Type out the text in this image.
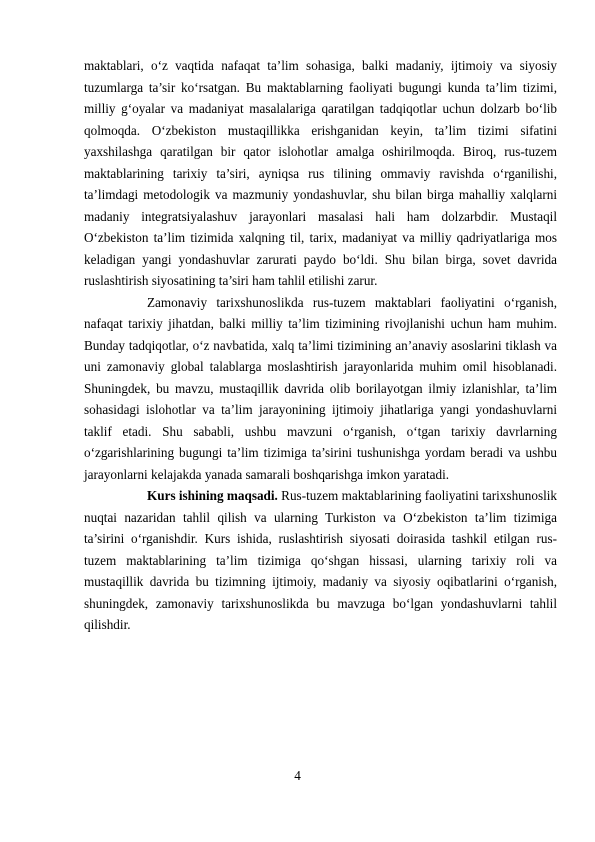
maktablari, o‘z vaqtida nafaqat ta’lim sohasiga, balki madaniy, ijtimoiy va siyosiy tuzumlarga ta’sir ko‘rsatgan. Bu maktablarning faoliyati bugungi kunda ta’lim tizimi, milliy g‘oyalar va madaniyat masalalariga qaratilgan tadqiqotlar uchun dolzarb bo‘lib qolmoqda. O‘zbekiston mustaqillikka erishganidan keyin, ta’lim tizimi sifatini yaxshilashga qaratilgan bir qator islohotlar amalga oshirilmoqda. Biroq, rus-tuzem maktablarining tarixiy ta’siri, ayniqsa rus tilining ommaviy ravishda o‘rganilishi, ta’limdagi metodologik va mazmuniy yondashuvlar, shu bilan birga mahalliy xalqlarni madaniy integratsiyalashuv jarayonlari masalasi hali ham dolzarbdir. Mustaqil O‘zbekiston ta’lim tizimida xalqning til, tarix, madaniyat va milliy qadriyatlariga mos keladigan yangi yondashuvlar zarurati paydo bo‘ldi. Shu bilan birga, sovet davrida ruslashtirish siyosatining ta’siri ham tahlil etilishi zarur.

Zamonaviy tarixshunoslikda rus-tuzem maktablari faoliyatini o‘rganish, nafaqat tarixiy jihatdan, balki milliy ta’lim tizimining rivojlanishi uchun ham muhim. Bunday tadqiqotlar, o‘z navbatida, xalq ta’limi tizimining an’anaviy asoslarini tiklash va uni zamonaviy global talablarga moslashtirish jarayonlarida muhim omil hisoblanadi. Shuningdek, bu mavzu, mustaqillik davrida olib borilayotgan ilmiy izlanishlar, ta’lim sohasidagi islohotlar va ta’lim jarayonining ijtimoiy jihatlariga yangi yondashuvlarni taklif etadi. Shu sababli, ushbu mavzuni o‘rganish, o‘tgan tarixiy davrlarning o‘zgarishlarining bugungi ta’lim tizimiga ta’sirini tushunishga yordam beradi va ushbu jarayonlarni kelajakda yanada samarali boshqarishga imkon yaratadi.

Kurs ishining maqsadi. Rus-tuzem maktablarining faoliyatini tarixshunoslik nuqtai nazaridan tahlil qilish va ularning Turkiston va O‘zbekiston ta’lim tizimiga ta’sirini o‘rganishdir. Kurs ishida, ruslashtirish siyosati doirasida tashkil etilgan rus-tuzem maktablarining ta’lim tizimiga qo‘shgan hissasi, ularning tarixiy roli va mustaqillik davrida bu tizimning ijtimoiy, madaniy va siyosiy oqibatlarini o‘rganish, shuningdek, zamonaviy tarixshunoslikda bu mavzuga bo‘lgan yondashuvlarni tahlil qilishdir.

4
